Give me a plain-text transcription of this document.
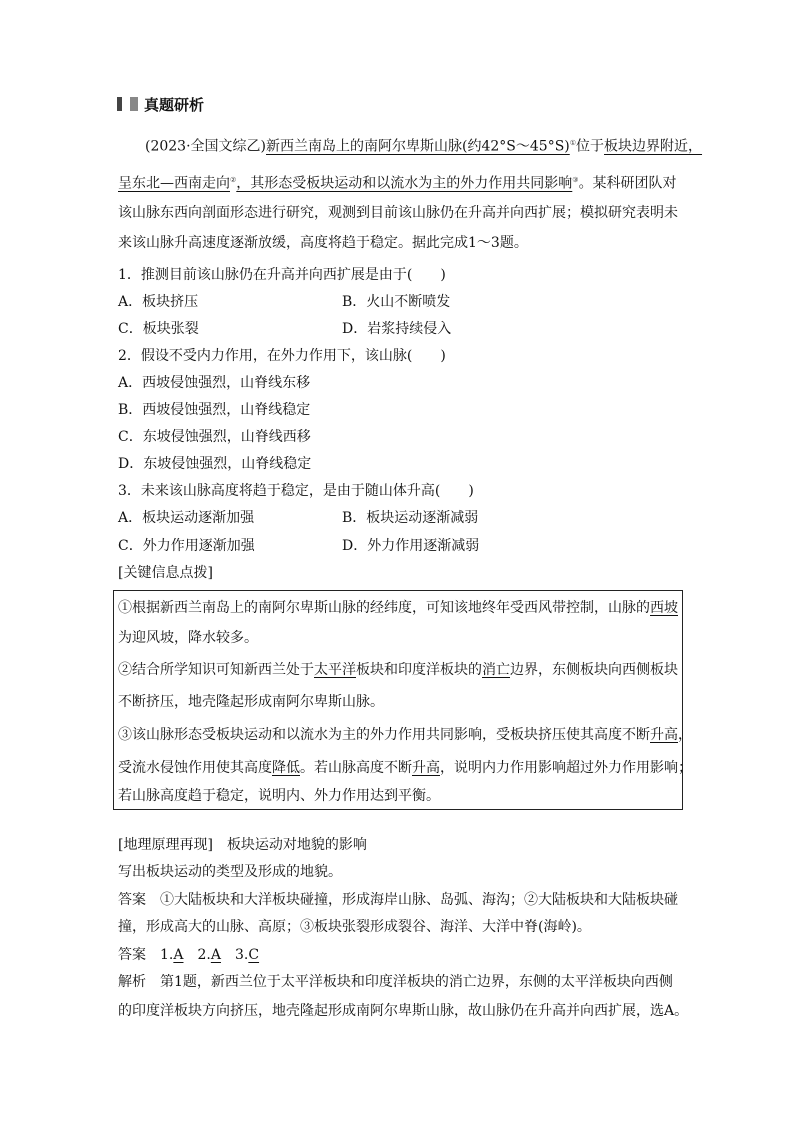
真题研析
(2023·全国文综乙)新西兰南岛上的南阿尔卑斯山脉(约42°S～45°S)①位于板块边界附近，
呈东北—西南走向②，其形态受板块运动和以流水为主的外力作用共同影响③。某科研团队对
该山脉东西向剖面形态进行研究，观测到目前该山脉仍在升高并向西扩展；模拟研究表明未
来该山脉升高速度逐渐放缓，高度将趋于稳定。据此完成1～3题。
1．推测目前该山脉仍在升高并向西扩展是由于(　　)
A．板块挤压	B．火山不断喷发
C．板块张裂	D．岩浆持续侵入
2．假设不受内力作用，在外力作用下，该山脉(　　)
A．西坡侵蚀强烈，山脊线东移
B．西坡侵蚀强烈，山脊线稳定
C．东坡侵蚀强烈，山脊线西移
D．东坡侵蚀强烈，山脊线稳定
3．未来该山脉高度将趋于稳定，是由于随山体升高(　　)
A．板块运动逐渐加强	B．板块运动逐渐减弱
C．外力作用逐渐加强	D．外力作用逐渐减弱
[关键信息点拨]
①根据新西兰南岛上的南阿尔卑斯山脉的经纬度，可知该地终年受西风带控制，山脉的西坡
为迎风坡，降水较多。
②结合所学知识可知新西兰处于太平洋板块和印度洋板块的消亡边界，东侧板块向西侧板块
不断挤压，地壳隆起形成南阿尔卑斯山脉。
③该山脉形态受板块运动和以流水为主的外力作用共同影响，受板块挤压使其高度不断升高，
受流水侵蚀作用使其高度降低。若山脉高度不断升高，说明内力作用影响超过外力作用影响；
若山脉高度趋于稳定，说明内、外力作用达到平衡。
[地理原理再现]　 板块运动对地貌的影响
写出板块运动的类型及形成的地貌。
答案　 ①大陆板块和大洋板块碰撞，形成海岸山脉、岛弧、海沟；②大陆板块和大陆板块碰
撞，形成高大的山脉、高原；③板块张裂形成裂谷、海洋、大洋中脊(海岭)。
答案　 1.A　 2.A　 3.C
解析　 第1题，新西兰位于太平洋板块和印度洋板块的消亡边界，东侧的太平洋板块向西侧
的印度洋板块方向挤压，地壳隆起形成南阿尔卑斯山脉，故山脉仍在升高并向西扩展，选A。
